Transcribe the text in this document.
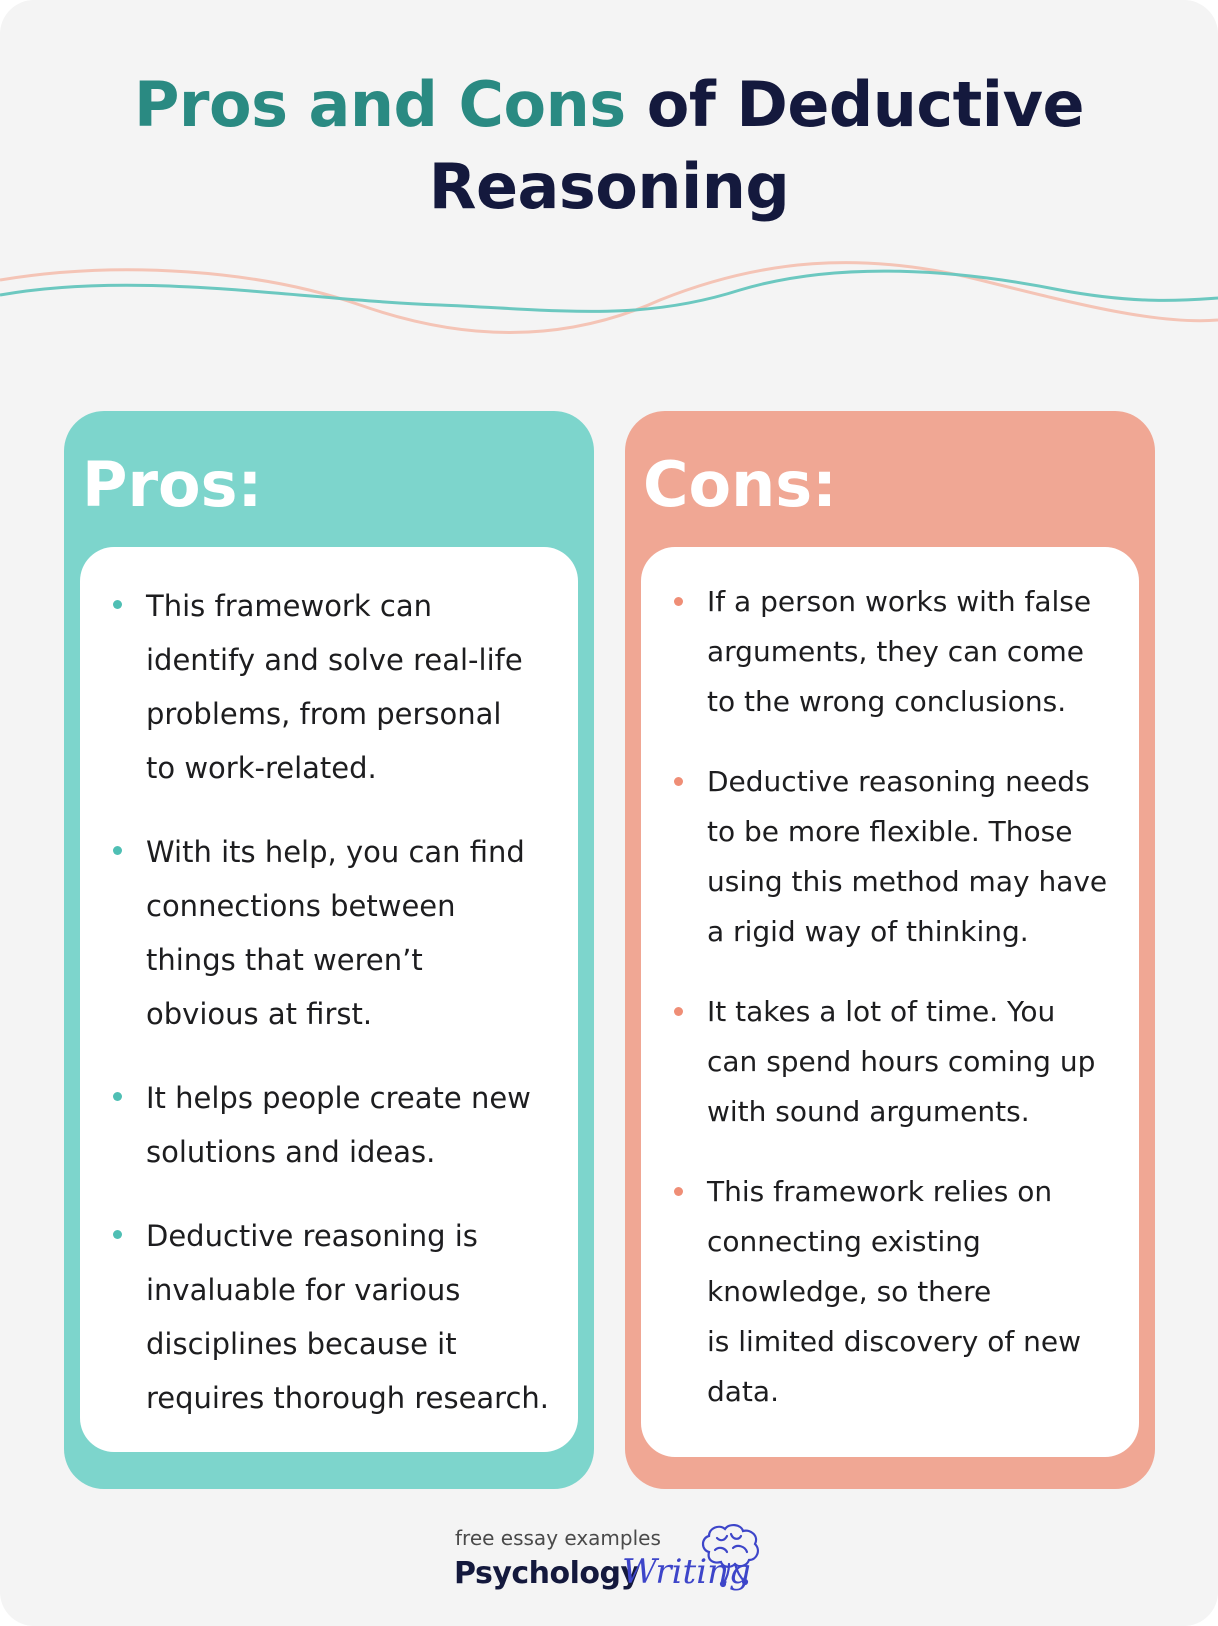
Pros and Cons of Deductive
Reasoning
Pros:
This framework can
identify and solve real-life
problems, from personal
to work-related.
With its help, you can find
connections between
things that weren’t
obvious at first.
It helps people create new
solutions and ideas.
Deductive reasoning is
invaluable for various
disciplines because it
requires thorough research.
Cons:
If a person works with false
arguments, they can come
to the wrong conclusions.
Deductive reasoning needs
to be more flexible. Those
using this method may have
a rigid way of thinking.
It takes a lot of time. You
can spend hours coming up
with sound arguments.
This framework relies on
connecting existing
knowledge, so there
is limited discovery of new
data.
free essay examples
Psychology
Writing
